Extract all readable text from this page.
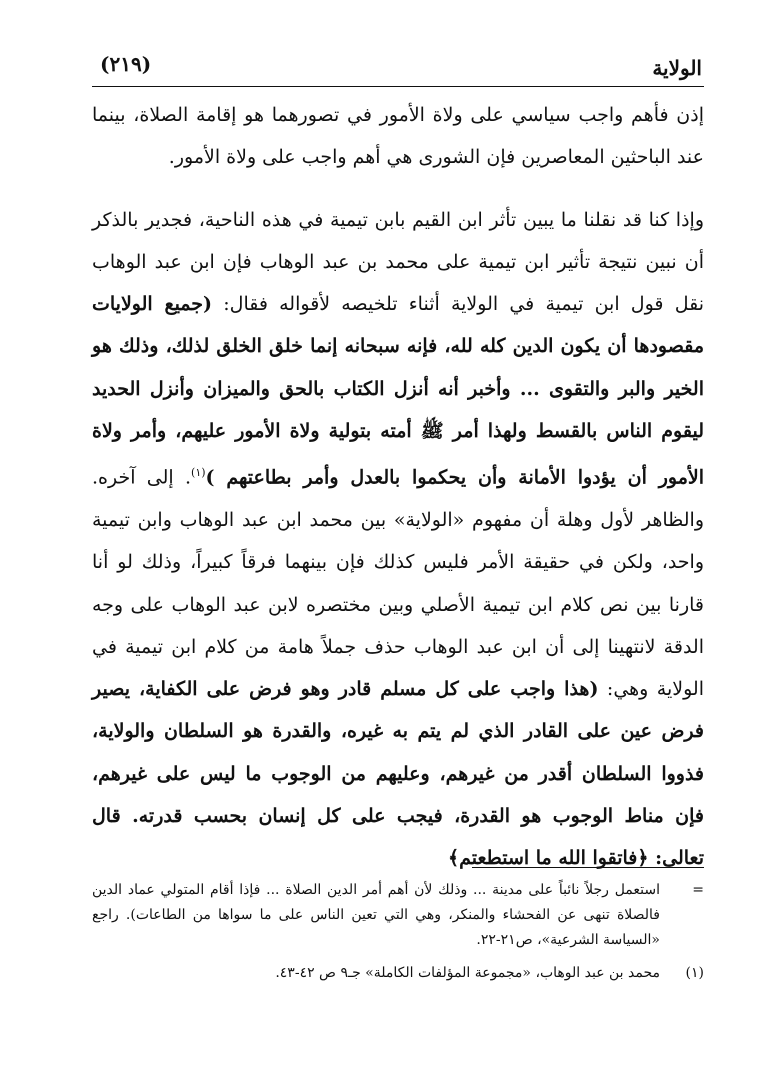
الولاية
(٢١٩)

إذن فأهم واجب سياسي على ولاة الأمور في تصورهما هو إقامة الصلاة، بينما عند الباحثين المعاصرين فإن الشورى هي أهم واجب على ولاة الأمور.

وإذا كنا قد نقلنا ما يبين تأثر ابن القيم بابن تيمية في هذه الناحية، فجدير بالذكر أن نبين نتيجة تأثير ابن تيمية على محمد بن عبد الوهاب فإن ابن عبد الوهاب نقل قول ابن تيمية في الولاية أثناء تلخيصه لأقواله فقال: (جميع الولايات مقصودها أن يكون الدين كله لله، فإنه سبحانه إنما خلق الخلق لذلك، وذلك هو الخير والبر والتقوى ... وأخبر أنه أنزل الكتاب بالحق والميزان وأنزل الحديد ليقوم الناس بالقسط ولهذا أمر ﷺ أمته بتولية ولاة الأمور عليهم، وأمر ولاة الأمور أن يؤدوا الأمانة وأن يحكموا بالعدل وأمر بطاعتهم )$^{(١)}$. إلى آخره. والظاهر لأول وهلة أن مفهوم «الولاية» بين محمد ابن عبد الوهاب وابن تيمية واحد، ولكن في حقيقة الأمر فليس كذلك فإن بينهما فرقاً كبيراً، وذلك لو أنا قارنا بين نص كلام ابن تيمية الأصلي وبين مختصره لابن عبد الوهاب على وجه الدقة لانتهينا إلى أن ابن عبد الوهاب حذف جملاً هامة من كلام ابن تيمية في الولاية وهي: (هذا واجب على كل مسلم قادر وهو فرض على الكفاية، يصير فرض عين على القادر الذي لم يتم به غيره، والقدرة هو السلطان والولاية، فذووا السلطان أقدر من غيرهم، وعليهم من الوجوب ما ليس على غيرهم، فإن مناط الوجوب هو القدرة، فيجب على كل إنسان بحسب قدرته. قال تعالى: ﴿فاتقوا الله ما استطعتم﴾

=
استعمل رجلاً نائباً على مدينة ... وذلك لأن أهم أمر الدين الصلاة ... فإذا أقام المتولي عماد الدين فالصلاة تنهى عن الفحشاء والمنكر، وهي التي تعين الناس على ما سواها من الطاعات). راجع «السياسة الشرعية»، ص٢١-٢٢.
(١)
محمد بن عبد الوهاب، «مجموعة المؤلفات الكاملة» جـ٩ ص ٤٢-٤٣.
